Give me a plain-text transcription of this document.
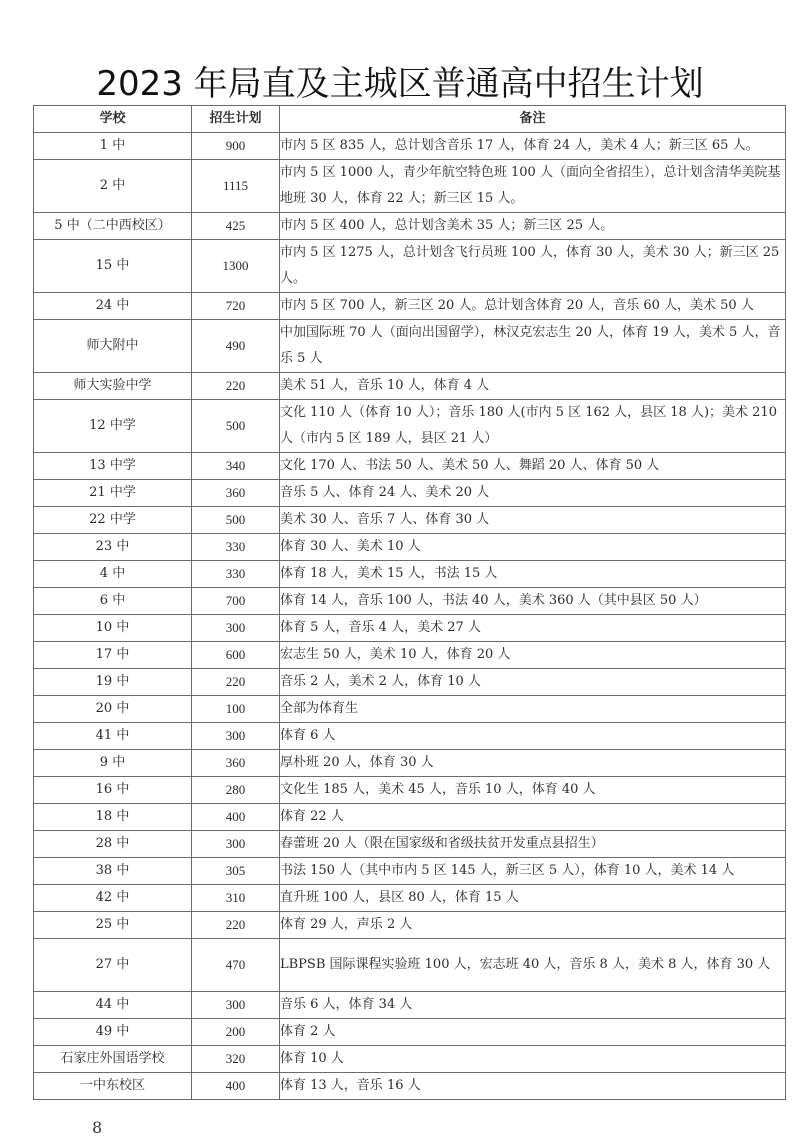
2023 年局直及主城区普通高中招生计划
学校	招生计划	备注
1 中	900	市内 5 区 835 人，总计划含音乐 17 人，体育 24 人，美术 4 人；新三区 65 人。
2 中	1115	市内 5 区 1000 人，青少年航空特色班 100 人（面向全省招生），总计划含清华美院基地班 30 人，体育 22 人；新三区 15 人。
5 中（二中西校区）	425	市内 5 区 400 人，总计划含美术 35 人；新三区 25 人。
15 中	1300	市内 5 区 1275 人，总计划含飞行员班 100 人，体育 30 人，美术 30 人；新三区 25 人。
24 中	720	市内 5 区 700 人，新三区 20 人。总计划含体育 20 人，音乐 60 人，美术 50 人
师大附中	490	中加国际班 70 人（面向出国留学），林汉克宏志生 20 人，体育 19 人，美术 5 人，音乐 5 人
师大实验中学	220	美术 51 人，音乐 10 人，体育 4 人
12 中学	500	文化 110 人（体育 10 人）；音乐 180 人(市内 5 区 162 人，县区 18 人)；美术 210 人（市内 5 区 189 人，县区 21 人）
13 中学	340	文化 170 人、书法 50 人、美术 50 人、舞蹈 20 人、体育 50 人
21 中学	360	音乐 5 人、体育 24 人、美术 20 人
22 中学	500	美术 30 人、音乐 7 人、体育 30 人
23 中	330	体育 30 人、美术 10 人
4 中	330	体育 18 人，美术 15 人，书法 15 人
6 中	700	体育 14 人，音乐 100 人，书法 40 人，美术 360 人（其中县区 50 人）
10 中	300	体育 5 人，音乐 4 人，美术 27 人
17 中	600	宏志生 50 人，美术 10 人，体育 20 人
19 中	220	音乐 2 人，美术 2 人，体育 10 人
20 中	100	全部为体育生
41 中	300	体育 6 人
9 中	360	厚朴班 20 人，体育 30 人
16 中	280	文化生 185 人，美术 45 人，音乐 10 人，体育 40 人
18 中	400	体育 22 人
28 中	300	春蕾班 20 人（限在国家级和省级扶贫开发重点县招生）
38 中	305	书法 150 人（其中市内 5 区 145 人，新三区 5 人），体育 10 人，美术 14 人
42 中	310	直升班 100 人，县区 80 人，体育 15 人
25 中	220	体育 29 人，声乐 2 人
27 中	470	LBPSB 国际课程实验班 100 人，宏志班 40 人，音乐 8 人，美术 8 人，体育 30 人
44 中	300	音乐 6 人，体育 34 人
49 中	200	体育 2 人
石家庄外国语学校	320	体育 10 人
一中东校区	400	体育 13 人，音乐 16 人
8
